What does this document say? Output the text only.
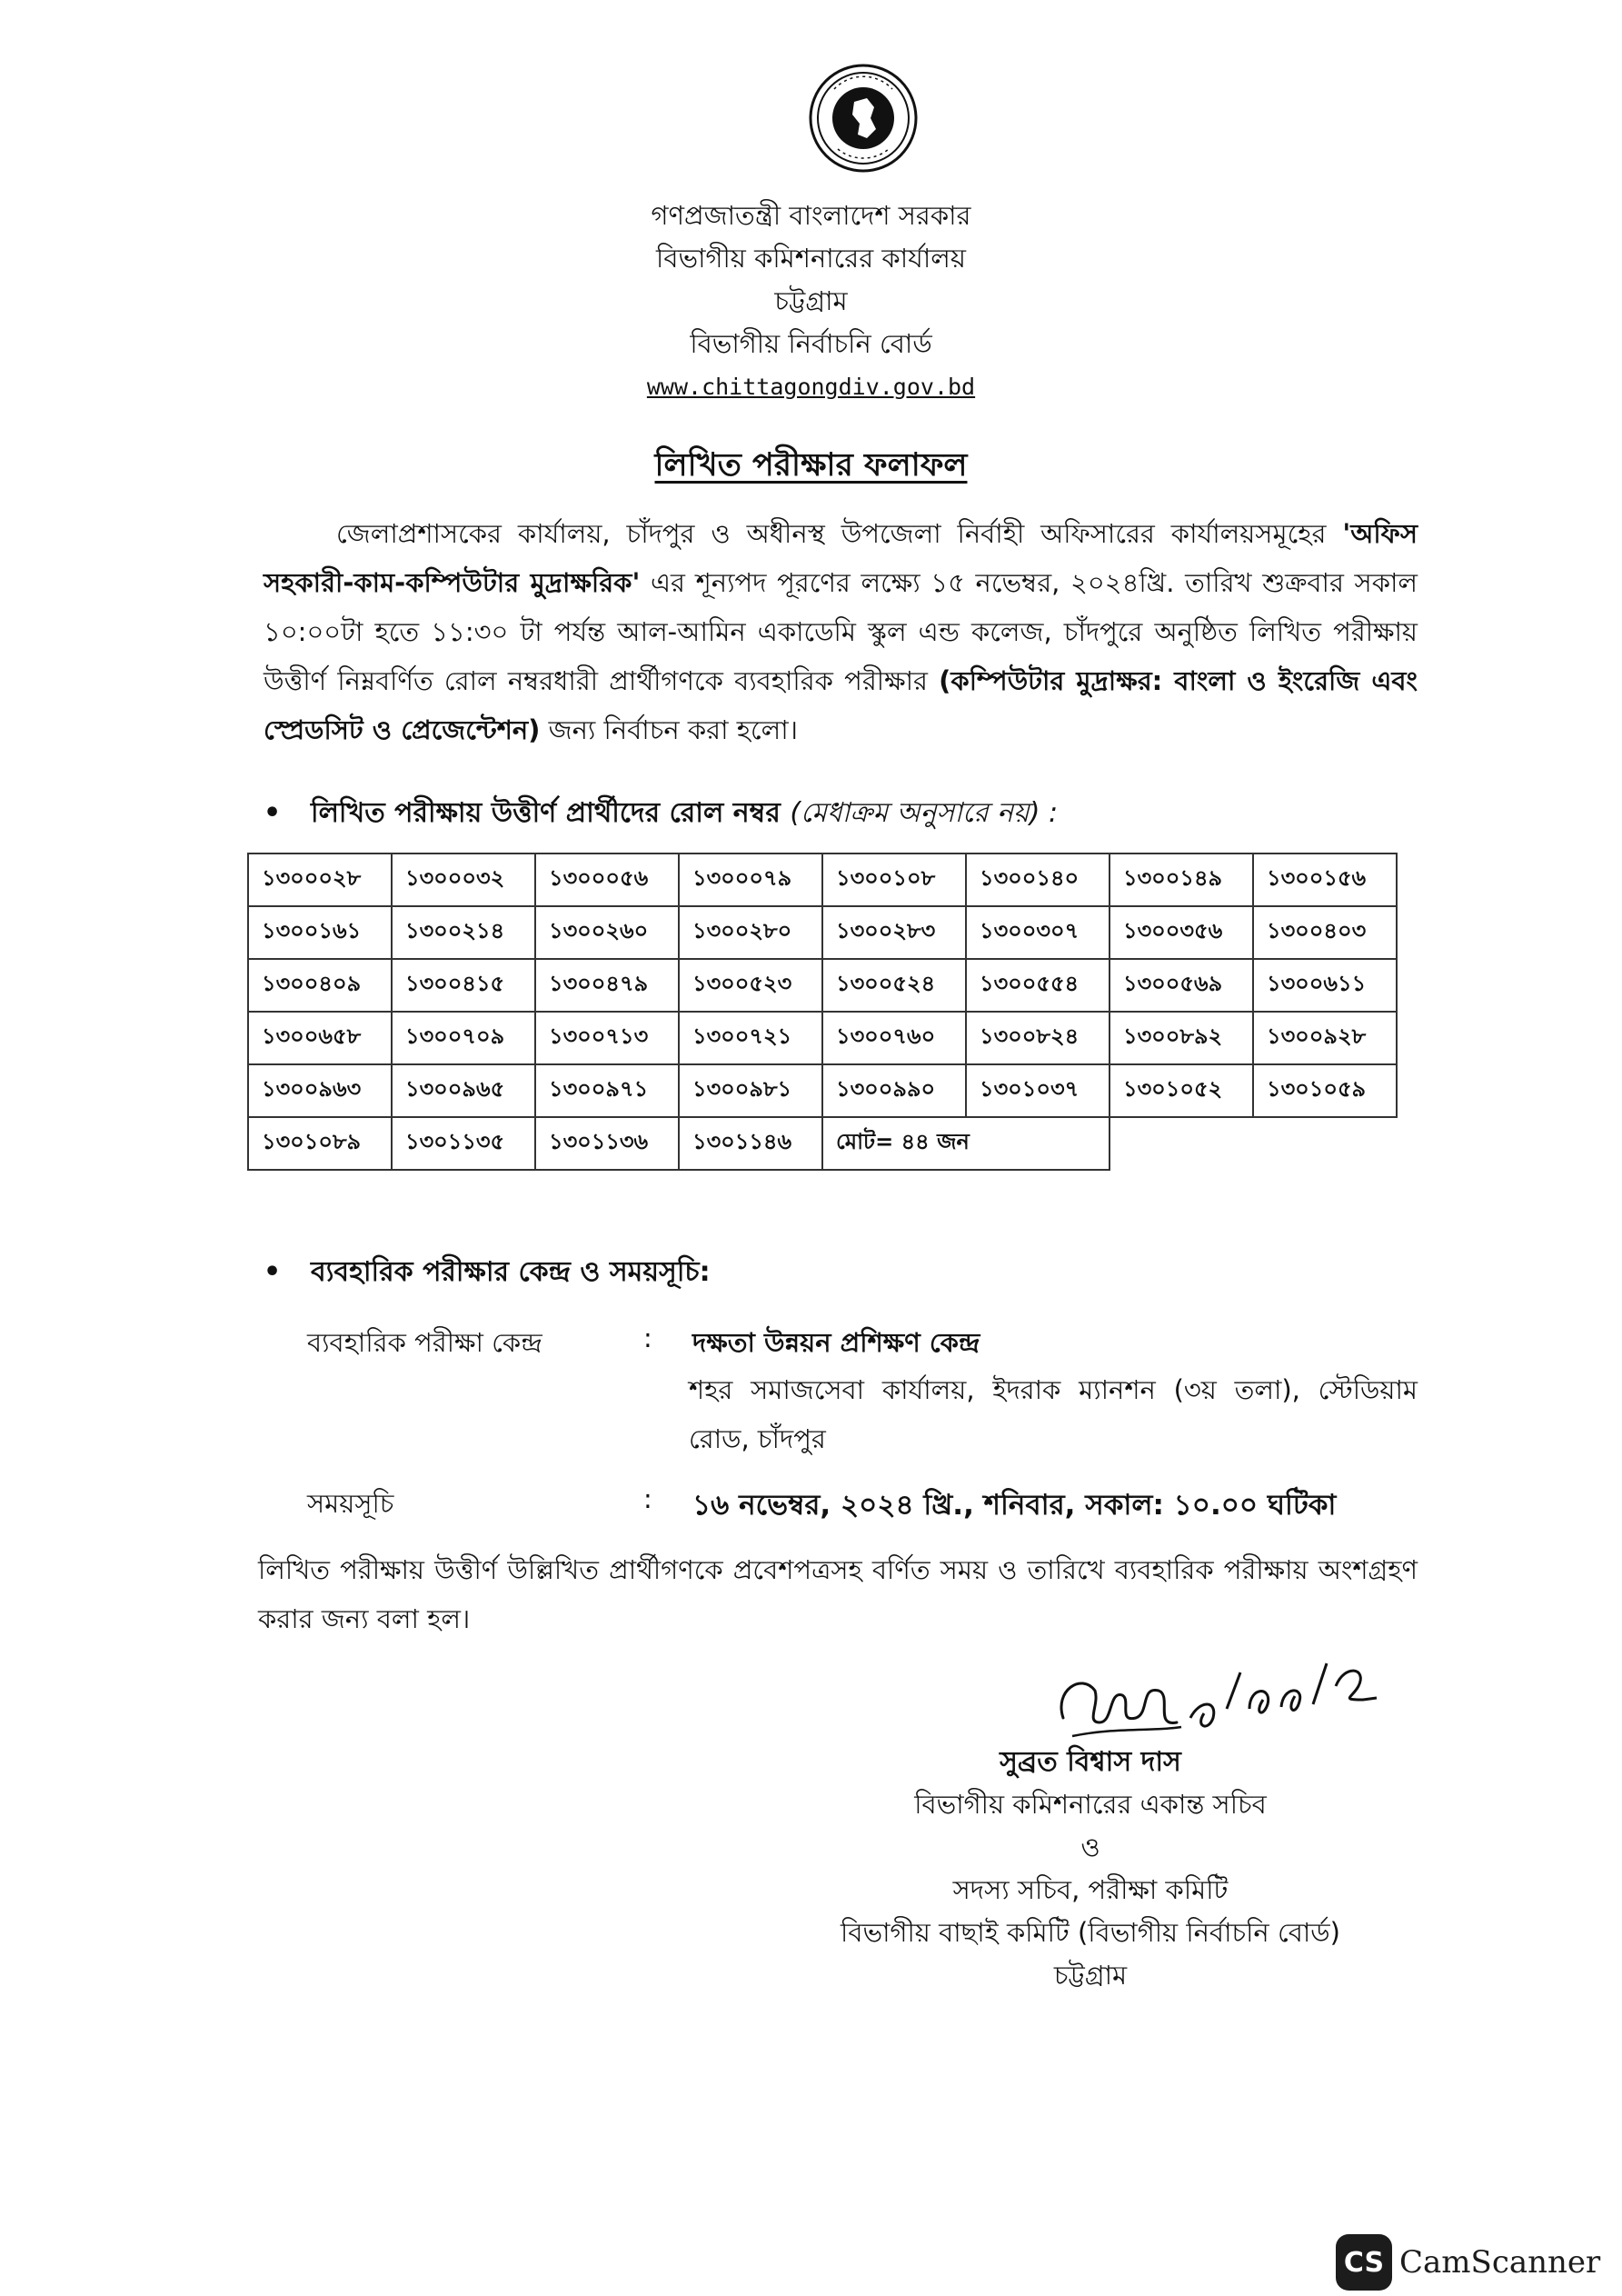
গণপ্রজাতন্ত্রী বাংলাদেশ সরকার
বিভাগীয় কমিশনারের কার্যালয়
চট্টগ্রাম
বিভাগীয় নির্বাচনি বোর্ড
www.chittagongdiv.gov.bd
লিখিত পরীক্ষার ফলাফল
জেলাপ্রশাসকের কার্যালয়, চাঁদপুর ও অধীনস্থ উপজেলা নির্বাহী অফিসারের কার্যালয়সমূহের 'অফিস সহকারী-কাম-কম্পিউটার মুদ্রাক্ষরিক' এর শূন্যপদ পূরণের লক্ষ্যে ১৫ নভেম্বর, ২০২৪খ্রি. তারিখ শুক্রবার সকাল ১০:০০টা হতে ১১:৩০ টা পর্যন্ত আল-আমিন একাডেমি স্কুল এন্ড কলেজ, চাঁদপুরে অনুষ্ঠিত লিখিত পরীক্ষায় উত্তীর্ণ নিম্নবর্ণিত রোল নম্বরধারী প্রার্থীগণকে ব্যবহারিক পরীক্ষার (কম্পিউটার মুদ্রাক্ষর: বাংলা ও ইংরেজি এবং স্প্রেডসিট ও প্রেজেন্টেশন) জন্য নির্বাচন করা হলো।
• লিখিত পরীক্ষায় উত্তীর্ণ প্রার্থীদের রোল নম্বর (মেধাক্রম অনুসারে নয়) :
১৩০০০২৮	১৩০০০৩২	১৩০০০৫৬	১৩০০০৭৯	১৩০০১০৮	১৩০০১৪০	১৩০০১৪৯	১৩০০১৫৬
১৩০০১৬১	১৩০০২১৪	১৩০০২৬০	১৩০০২৮০	১৩০০২৮৩	১৩০০৩০৭	১৩০০৩৫৬	১৩০০৪০৩
১৩০০৪০৯	১৩০০৪১৫	১৩০০৪৭৯	১৩০০৫২৩	১৩০০৫২৪	১৩০০৫৫৪	১৩০০৫৬৯	১৩০০৬১১
১৩০০৬৫৮	১৩০০৭০৯	১৩০০৭১৩	১৩০০৭২১	১৩০০৭৬০	১৩০০৮২৪	১৩০০৮৯২	১৩০০৯২৮
১৩০০৯৬৩	১৩০০৯৬৫	১৩০০৯৭১	১৩০০৯৮১	১৩০০৯৯০	১৩০১০৩৭	১৩০১০৫২	১৩০১০৫৯
১৩০১০৮৯	১৩০১১৩৫	১৩০১১৩৬	১৩০১১৪৬	মোট= ৪৪ জন			
• ব্যবহারিক পরীক্ষার কেন্দ্র ও সময়সূচি:
ব্যবহারিক পরীক্ষা কেন্দ্র	: দক্ষতা উন্নয়ন প্রশিক্ষণ কেন্দ্র
শহর সমাজসেবা কার্যালয়, ইদরাক ম্যানশন (৩য় তলা), স্টেডিয়াম রোড, চাঁদপুর
সময়সূচি	: ১৬ নভেম্বর, ২০২৪ খ্রি., শনিবার, সকাল: ১০.০০ ঘটিকা
লিখিত পরীক্ষায় উত্তীর্ণ উল্লিখিত প্রার্থীগণকে প্রবেশপত্রসহ বর্ণিত সময় ও তারিখে ব্যবহারিক পরীক্ষায় অংশগ্রহণ করার জন্য বলা হল।
সুব্রত বিশ্বাস দাস
বিভাগীয় কমিশনারের একান্ত সচিব
ও
সদস্য সচিব, পরীক্ষা কমিটি
বিভাগীয় বাছাই কমিটি (বিভাগীয় নির্বাচনি বোর্ড)
চট্টগ্রাম
CS CamScanner
